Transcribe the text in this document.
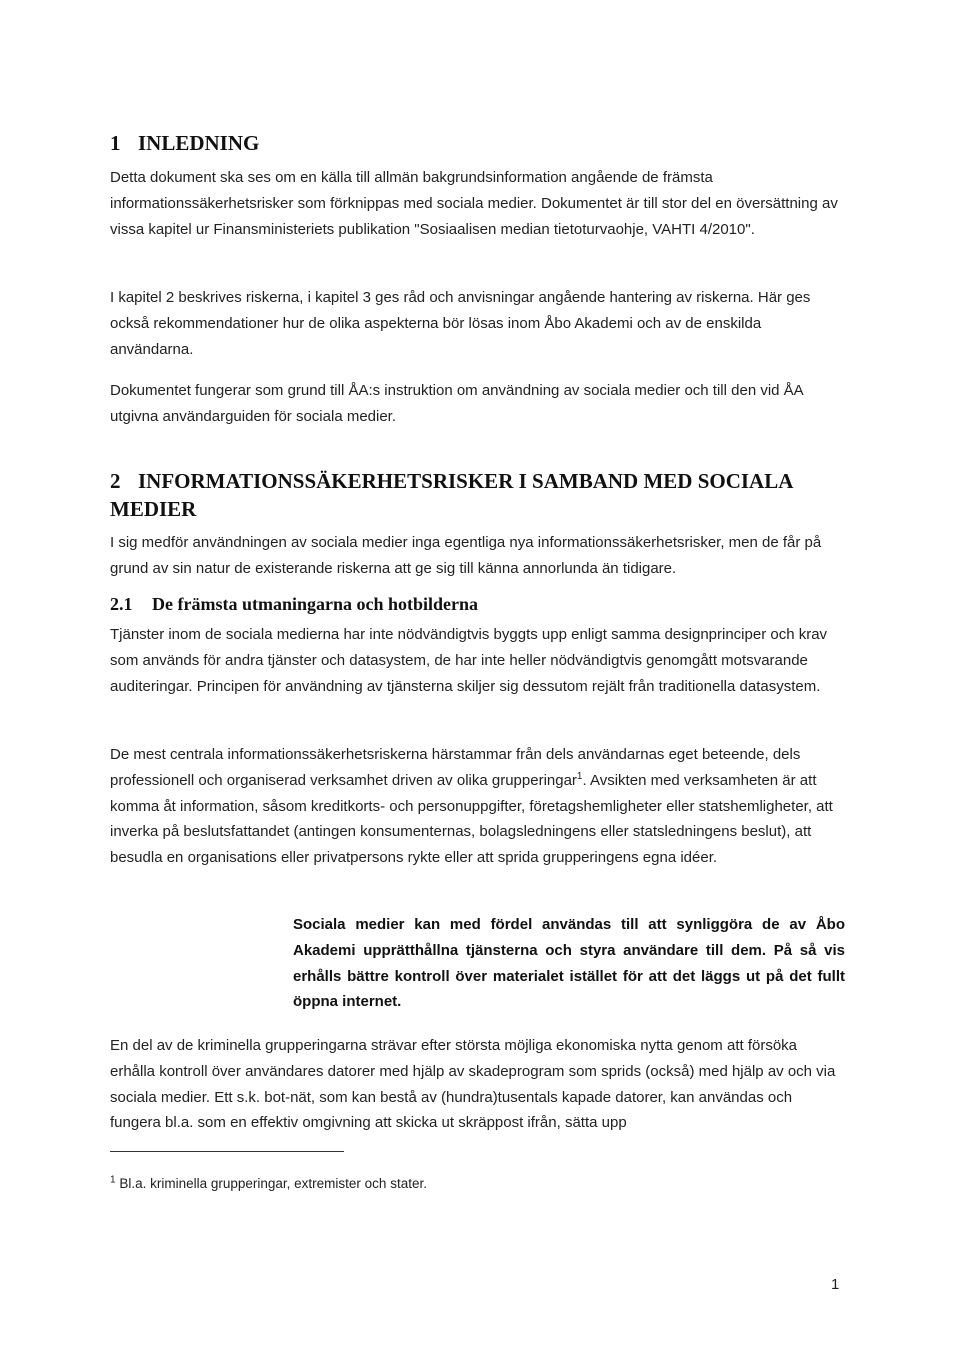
1 INLEDNING

Detta dokument ska ses om en källa till allmän bakgrundsinformation angående de främsta informationssäkerhetsrisker som förknippas med sociala medier. Dokumentet är till stor del en översättning av vissa kapitel ur Finansministeriets publikation "Sosiaalisen median tietoturvaohje, VAHTI 4/2010".

I kapitel 2 beskrives riskerna, i kapitel 3 ges råd och anvisningar angående hantering av riskerna. Här ges också rekommendationer hur de olika aspekterna bör lösas inom Åbo Akademi och av de enskilda användarna.

Dokumentet fungerar som grund till ÅA:s instruktion om användning av sociala medier och till den vid ÅA utgivna användarguiden för sociala medier.

2 INFORMATIONSSÄKERHETSRISKER I SAMBAND MED SOCIALA MEDIER

I sig medför användningen av sociala medier inga egentliga nya informationssäkerhetsrisker, men de får på grund av sin natur de existerande riskerna att ge sig till känna annorlunda än tidigare.

2.1 De främsta utmaningarna och hotbilderna

Tjänster inom de sociala medierna har inte nödvändigtvis byggts upp enligt samma designprinciper och krav som används för andra tjänster och datasystem, de har inte heller nödvändigtvis genomgått motsvarande auditeringar. Principen för användning av tjänsterna skiljer sig dessutom rejält från traditionella datasystem.

De mest centrala informationssäkerhetsriskerna härstammar från dels användarnas eget beteende, dels professionell och organiserad verksamhet driven av olika grupperingar$^1$. Avsikten med verksamheten är att komma åt information, såsom kreditkorts- och personuppgifter, företagshemligheter eller statshemligheter, att inverka på beslutsfattandet (antingen konsumenternas, bolagsledningens eller statsledningens beslut), att besudla en organisations eller privatpersons rykte eller att sprida grupperingens egna idéer.

Sociala medier kan med fördel användas till att synliggöra de av Åbo Akademi upprätthållna tjänsterna och styra användare till dem. På så vis erhålls bättre kontroll över materialet istället för att det läggs ut på det fullt öppna internet.

En del av de kriminella grupperingarna strävar efter största möjliga ekonomiska nytta genom att försöka erhålla kontroll över användares datorer med hjälp av skadeprogram som sprids (också) med hjälp av och via sociala medier. Ett s.k. bot-nät, som kan bestå av (hundra)tusentals kapade datorer, kan användas och fungera bl.a. som en effektiv omgivning att skicka ut skräppost ifrån, sätta upp

$^1$ Bl.a. kriminella grupperingar, extremister och stater.

1
